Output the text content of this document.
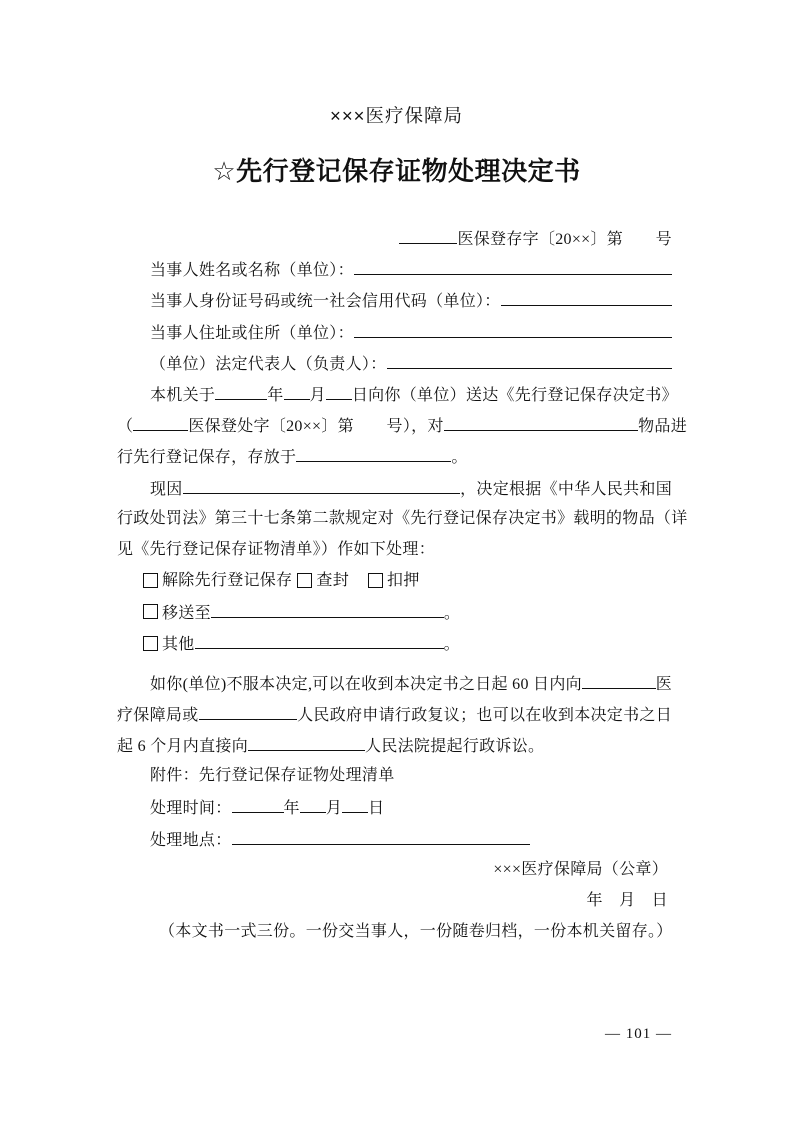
×××医疗保障局
☆先行登记保存证物处理决定书
医保登存字〔20××〕第　　号
当事人姓名或名称（单位）：
当事人身份证号码或统一社会信用代码（单位）：
当事人住址或住所（单位）：
（单位）法定代表人（负责人）：
本机关于	年 月 日向你（单位）送达《先行登记保存决定书》
（	医保登处字〔20××〕第　　号），对	物品进
行先行登记保存，存放于	。
现因	，决定根据《中华人民共和国
行政处罚法》第三十七条第二款规定对《先行登记保存决定书》载明的物品（详
见《先行登记保存证物清单》）作如下处理：
解除先行登记保存 查封 扣押
移送至	。
其他	。
如你(单位)不服本决定,可以在收到本决定书之日起 60 日内向	医
疗保障局或	人民政府申请行政复议；也可以在收到本决定书之日
起 6 个月内直接向	人民法院提起行政诉讼。
附件：先行登记保存证物处理清单
处理时间：	年 月 日
处理地点：
×××医疗保障局（公章）
年　月　日
（本文书一式三份。一份交当事人，一份随卷归档，一份本机关留存。）
— 101 —
